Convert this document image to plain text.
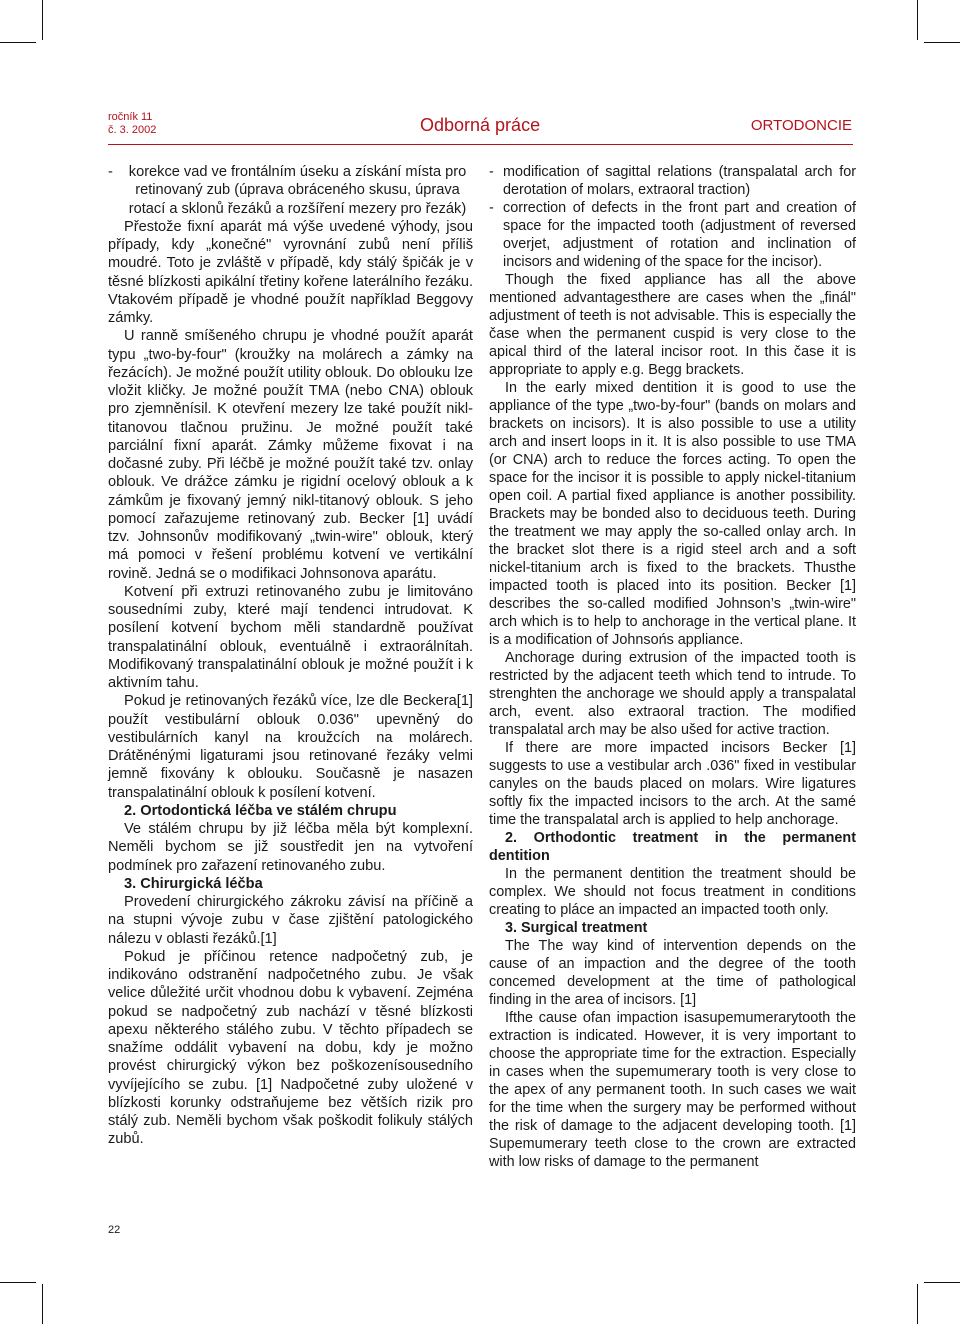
ročník 11
č. 3. 2002	Odborná práce	ORTODONCIE
-	korekce vad ve frontálním úseku a získání místa pro retinovaný zub (úprava obráceného skusu, úprava rotací a sklonů řezáků a rozšíření mezery pro řezák)

Přestože fixní aparát má výše uvedené výhody, jsou případy, kdy „konečné" vyrovnání zubů není příliš moudré. Toto je zvláště v případě, kdy stálý špičák je v těsné blízkosti apikální třetiny kořene laterálního řezáku. Vtakovém případě je vhodné použít například Beggovy zámky.

U ranně smíšeného chrupu je vhodné použít aparát typu „two-by-four" (kroužky na molárech a zámky na řezácích). Je možné použít utility oblouk. Do oblouku lze vložit kličky. Je možné použít TMA (nebo CNA) oblouk pro zjemněnísil. K otevření mezery lze také použít nikl-titanovou tlačnou pružinu. Je možné použít také parciální fixní aparát. Zámky můžeme fixovat i na dočasné zuby. Při léčbě je možné použít také tzv. onlay oblouk. Ve drážce zámku je rigidní ocelový oblouk a k zámkům je fixovaný jemný nikl-titanový oblouk. S jeho pomocí zařazujeme retinovaný zub. Becker [1] uvádí tzv. Johnsonův modifikovaný „twin-wire" oblouk, který má pomoci v řešení problému kotvení ve vertikální rovině. Jedná se o modifikaci Johnsonova aparátu.

Kotvení při extruzi retinovaného zubu je limitováno sousedními zuby, které mají tendenci intrudovat. K posílení kotvení bychom měli standardně používat transpalatinální oblouk, eventuálně i extraorálnítah. Modifikovaný transpalatinální oblouk je možné použít i k aktivním tahu.

Pokud je retinovaných řezáků více, lze dle Beckera[1] použít vestibulární oblouk 0.036" upevněný do vestibulárních kanyl na kroužcích na molárech. Drátěnénými ligaturami jsou retinované řezáky velmi jemně fixovány k oblouku. Současně je nasazen transpalatinální oblouk k posílení kotvení.

2. Ortodontická léčba ve stálém chrupu

Ve stálém chrupu by již léčba měla být komplexní. Neměli bychom se již soustředit jen na vytvoření podmínek pro zařazení retinovaného zubu.

3. Chirurgická léčba

Provedení chirurgického zákroku závisí na příčině a na stupni vývoje zubu v čase zjištění patologického nálezu v oblasti řezáků.[1]

Pokud je příčinou retence nadpočetný zub, je indikováno odstranění nadpočetného zubu. Je však velice důležité určit vhodnou dobu k vybavení. Zejména pokud se nadpočetný zub nachází v těsné blízkosti apexu některého stálého zubu. V těchto případech se snažíme oddálit vybavení na dobu, kdy je možno provést chirurgický výkon bez poškozenísousedního vyvíjejícího se zubu. [1] Nadpočetné zuby uložené v blízkosti korunky odstraňujeme bez větších rizik pro stálý zub. Neměli bychom však poškodit folikuly stálých zubů.

- modification of sagittal relations (transpalatal arch for derotation of molars, extraoral traction)
- correction of defects in the front part and creation of space for the impacted tooth (adjustment of reversed overjet, adjustment of rotation and inclination of incisors and widening of the space for the incisor).

Though the fixed appliance has all the above mentioned advantagesthere are cases when the „finál" adjustment of teeth is not advisable. This is especially the čase when the permanent cuspid is very close to the apical third of the lateral incisor root. In this čase it is appropriate to apply e.g. Begg brackets.

In the early mixed dentition it is good to use the appliance of the type „two-by-four" (bands on molars and brackets on incisors). It is also possible to use a utility arch and insert loops in it. It is also possible to use TMA (or CNA) arch to reduce the forces acting. To open the space for the incisor it is possible to apply nickel-titanium open coil. A partial fixed appliance is another possibility. Brackets may be bonded also to deciduous teeth. During the treatment we may apply the so-called onlay arch. In the bracket slot there is a rigid steel arch and a soft nickel-titanium arch is fixed to the brackets. Thusthe impacted tooth is placed into its position. Becker [1] describes the so-called modified Johnson’s „twin-wire" arch which is to help to anchorage in the vertical plane. It is a modification of Johnsońs appliance.

Anchorage during extrusion of the impacted tooth is restricted by the adjacent teeth which tend to intrude. To strenghten the anchorage we should apply a transpalatal arch, event. also extraoral traction. The modified transpalatal arch may be also ušed for active traction.

If there are more impacted incisors Becker [1] suggests to use a vestibular arch .036" fixed in vestibular canyles on the bauds placed on molars. Wire ligatures softly fix the impacted incisors to the arch. At the samé time the transpalatal arch is applied to help anchorage.

2. Orthodontic treatment in the permanent dentition

In the permanent dentition the treatment should be complex. We should not focus treatment in conditions creating to pláce an impacted an impacted tooth only.

3. Surgical treatment

The The way kind of intervention depends on the cause of an impaction and the degree of the tooth concemed development at the time of pathological finding in the area of incisors. [1]

Ifthe cause ofan impaction isasupemumerarytooth the extraction is indicated. However, it is very important to choose the appropriate time for the extraction. Especially in cases when the supemumerary tooth is very close to the apex of any permanent tooth. In such cases we wait for the time when the surgery may be performed without the risk of damage to the adjacent developing tooth. [1] Supemumerary teeth close to the crown are extracted with low risks of damage to the permanent

22
